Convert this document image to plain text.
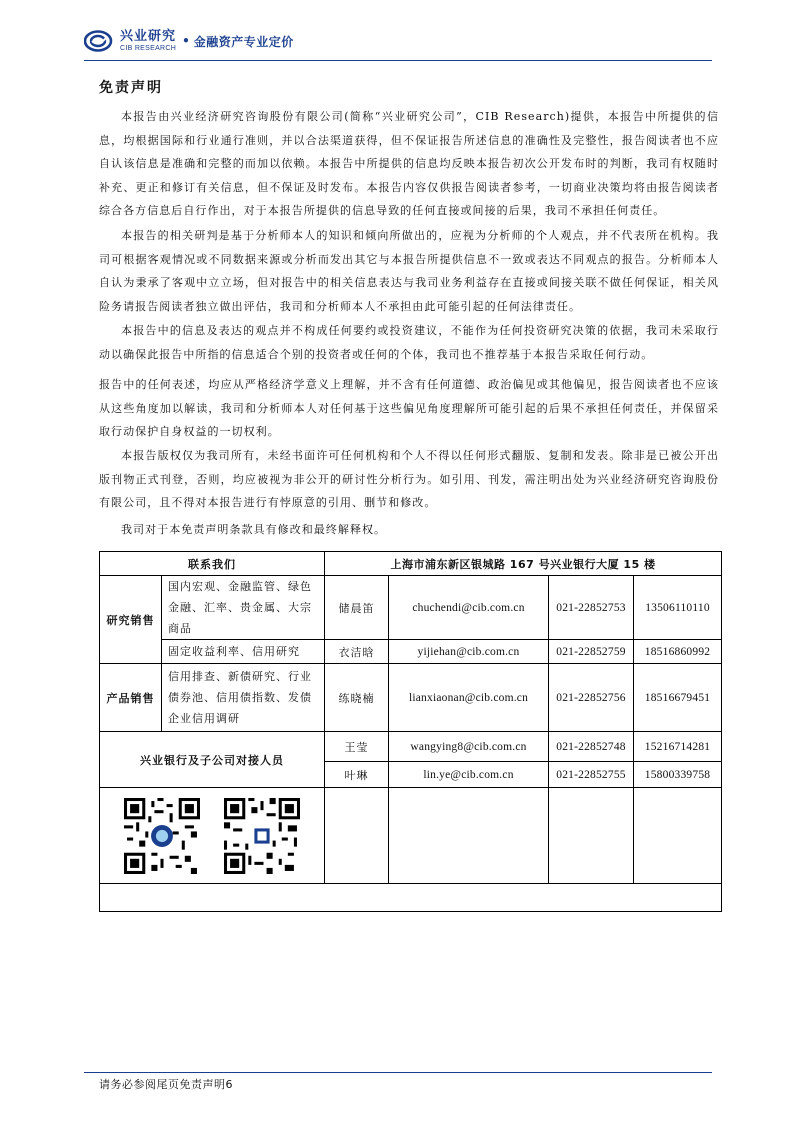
兴业研究
CIB RESEARCH
• 金融资产专业定价
免责声明

本报告由兴业经济研究咨询股份有限公司(简称“兴业研究公司”，CIB Research)提供，本报告中所提供的信息，均根据国际和行业通行准则，并以合法渠道获得，但不保证报告所述信息的准确性及完整性，报告阅读者也不应自认该信息是准确和完整的而加以依赖。本报告中所提供的信息均反映本报告初次公开发布时的判断，我司有权随时补充、更正和修订有关信息，但不保证及时发布。本报告内容仅供报告阅读者参考，一切商业决策均将由报告阅读者综合各方信息后自行作出，对于本报告所提供的信息导致的任何直接或间接的后果，我司不承担任何责任。

本报告的相关研判是基于分析师本人的知识和倾向所做出的，应视为分析师的个人观点，并不代表所在机构。我司可根据客观情况或不同数据来源或分析而发出其它与本报告所提供信息不一致或表达不同观点的报告。分析师本人自认为秉承了客观中立立场，但对报告中的相关信息表达与我司业务利益存在直接或间接关联不做任何保证，相关风险务请报告阅读者独立做出评估，我司和分析师本人不承担由此可能引起的任何法律责任。

本报告中的信息及表达的观点并不构成任何要约或投资建议，不能作为任何投资研究决策的依据，我司未采取行动以确保此报告中所指的信息适合个别的投资者或任何的个体，我司也不推荐基于本报告采取任何行动。

报告中的任何表述，均应从严格经济学意义上理解，并不含有任何道德、政治偏见或其他偏见，报告阅读者也不应该从这些角度加以解读，我司和分析师本人对任何基于这些偏见角度理解所可能引起的后果不承担任何责任，并保留采取行动保护自身权益的一切权利。

本报告版权仅为我司所有，未经书面许可任何机构和个人不得以任何形式翻版、复制和发表。除非是已被公开出版刊物正式刊登，否则，均应被视为非公开的研讨性分析行为。如引用、刊发，需注明出处为兴业经济研究咨询股份有限公司，且不得对本报告进行有悖原意的引用、删节和修改。

我司对于本免责声明条款具有修改和最终解释权。

联系我们		上海市浦东新区银城路 167 号兴业银行大厦 15 楼			
研究销售	国内宏观、金融监管、绿色金融、汇率、贵金属、大宗商品	储晨笛	chuchendi@cib.com.cn	021-22852753	13506110110
	固定收益利率、信用研究	衣洁晗	yijiehan@cib.com.cn	021-22852759	18516860992
产品销售	信用排查、新债研究、行业债券池、信用债指数、发债企业信用调研	练晓楠	lianxiaonan@cib.com.cn	021-22852756	18516679451
兴业银行及子公司对接人员		王莹	wangying8@cib.com.cn	021-22852748	15216714281
		叶琳	lin.ye@cib.com.cn	021-22852755	15800339758

请务必参阅尾页免责声明6
